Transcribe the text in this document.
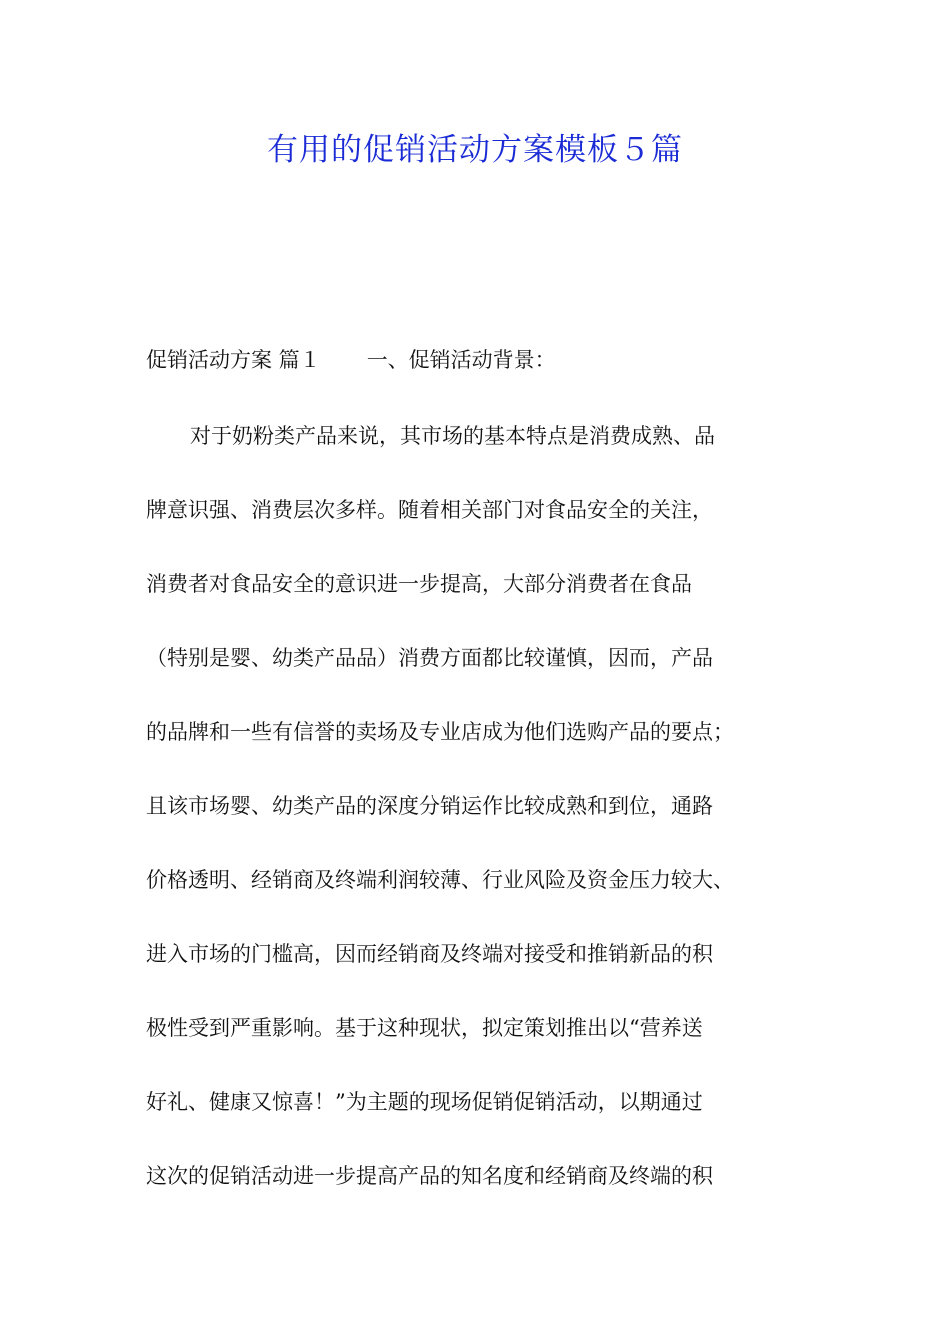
有用的促销活动方案模板５篇
促销活动方案 篇１ 一、促销活动背景：
对于奶粉类产品来说，其市场的基本特点是消费成熟、品
牌意识强、消费层次多样。随着相关部门对食品安全的关注，
消费者对食品安全的意识进一步提高，大部分消费者在食品
（特别是婴、幼类产品品）消费方面都比较谨慎，因而，产品
的品牌和一些有信誉的卖场及专业店成为他们选购产品的要点；
且该市场婴、幼类产品的深度分销运作比较成熟和到位，通路
价格透明、经销商及终端利润较薄、行业风险及资金压力较大、
进入市场的门槛高，因而经销商及终端对接受和推销新品的积
极性受到严重影响。基于这种现状，拟定策划推出以“营养送
好礼、健康又惊喜！”为主题的现场促销促销活动，以期通过
这次的促销活动进一步提高产品的知名度和经销商及终端的积
